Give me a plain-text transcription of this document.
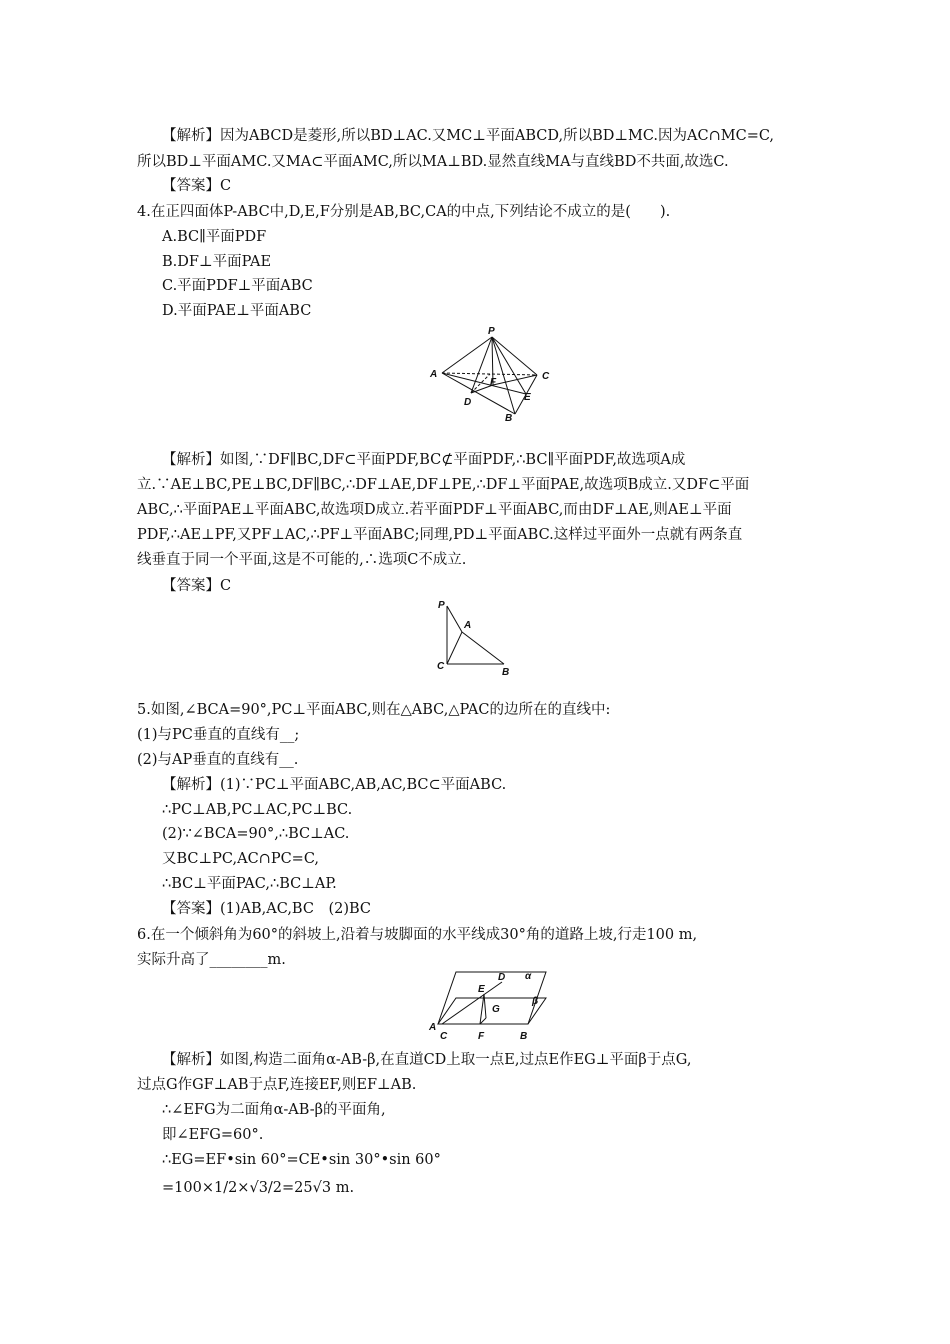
【解析】因为ABCD是菱形,所以BD⊥AC.又MC⊥平面ABCD,所以BD⊥MC.因为AC∩MC=C,
所以BD⊥平面AMC.又MA⊂平面AMC,所以MA⊥BD.显然直线MA与直线BD不共面,故选C.
【答案】C
4.在正四面体P-ABC中,D,E,F分别是AB,BC,CA的中点,下列结论不成立的是(　　).
A.BC∥平面PDF
B.DF⊥平面PAE
C.平面PDF⊥平面ABC
D.平面PAE⊥平面ABC
P
A	C
F
D	E
B
【解析】如图,∵DF∥BC,DF⊂平面PDF,BC⊄平面PDF,∴BC∥平面PDF,故选项A成
立.∵AE⊥BC,PE⊥BC,DF∥BC,∴DF⊥AE,DF⊥PE,∴DF⊥平面PAE,故选项B成立.又DF⊂平面
ABC,∴平面PAE⊥平面ABC,故选项D成立.若平面PDF⊥平面ABC,而由DF⊥AE,则AE⊥平面
PDF,∴AE⊥PF,又PF⊥AC,∴PF⊥平面ABC;同理,PD⊥平面ABC.这样过平面外一点就有两条直
线垂直于同一个平面,这是不可能的,∴选项C不成立.
【答案】C
P
A
C
B
5.如图,∠BCA=90°,PC⊥平面ABC,则在△ABC,△PAC的边所在的直线中:
(1)与PC垂直的直线有__;
(2)与AP垂直的直线有__.
【解析】(1)∵PC⊥平面ABC,AB,AC,BC⊂平面ABC.
∴PC⊥AB,PC⊥AC,PC⊥BC.
(2)∵∠BCA=90°,∴BC⊥AC.
又BC⊥PC,AC∩PC=C,
∴BC⊥平面PAC,∴BC⊥AP.
【答案】(1)AB,AC,BC　(2)BC
6.在一个倾斜角为60°的斜坡上,沿着与坡脚面的水平线成30°角的道路上坡,行走100 m,
实际升高了________m.
D α
E
G
β
A
C	F	B
【解析】如图,构造二面角α-AB-β,在直道CD上取一点E,过点E作EG⊥平面β于点G,
过点G作GF⊥AB于点F,连接EF,则EF⊥AB.
∴∠EFG为二面角α-AB-β的平面角,
即∠EFG=60°.
∴EG=EF•sin 60°=CE•sin 30°•sin 60°
=100×1/2×√3/2=25√3 m.
